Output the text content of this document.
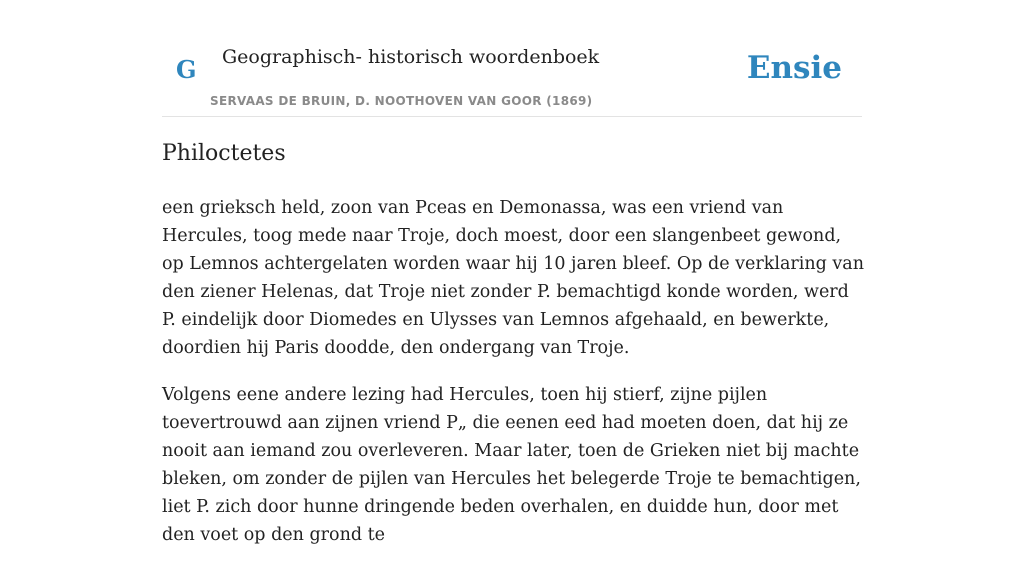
G Geographisch- historisch woordenboek
SERVAAS DE BRUIN, D. NOOTHOVEN VAN GOOR (1869)
Ensie
Philoctetes

een grieksch held, zoon van Pceas en Demonassa, was een vriend van Hercules, toog mede naar Troje, doch moest, door een slangenbeet gewond, op Lemnos achtergelaten worden waar hij 10 jaren bleef. Op de verklaring van den ziener Helenas, dat Troje niet zonder P. bemachtigd konde worden, werd P. eindelijk door Diomedes en Ulysses van Lemnos afgehaald, en bewerkte, doordien hij Paris doodde, den ondergang van Troje.

Volgens eene andere lezing had Hercules, toen hij stierf, zijne pijlen toevertrouwd aan zijnen vriend P„ die eenen eed had moeten doen, dat hij ze nooit aan iemand zou overleveren. Maar later, toen de Grieken niet bij machte bleken, om zonder de pijlen van Hercules het belegerde Troje te bemachtigen, liet P. zich door hunne dringende beden overhalen, en duidde hun, door met den voet op den grond te
